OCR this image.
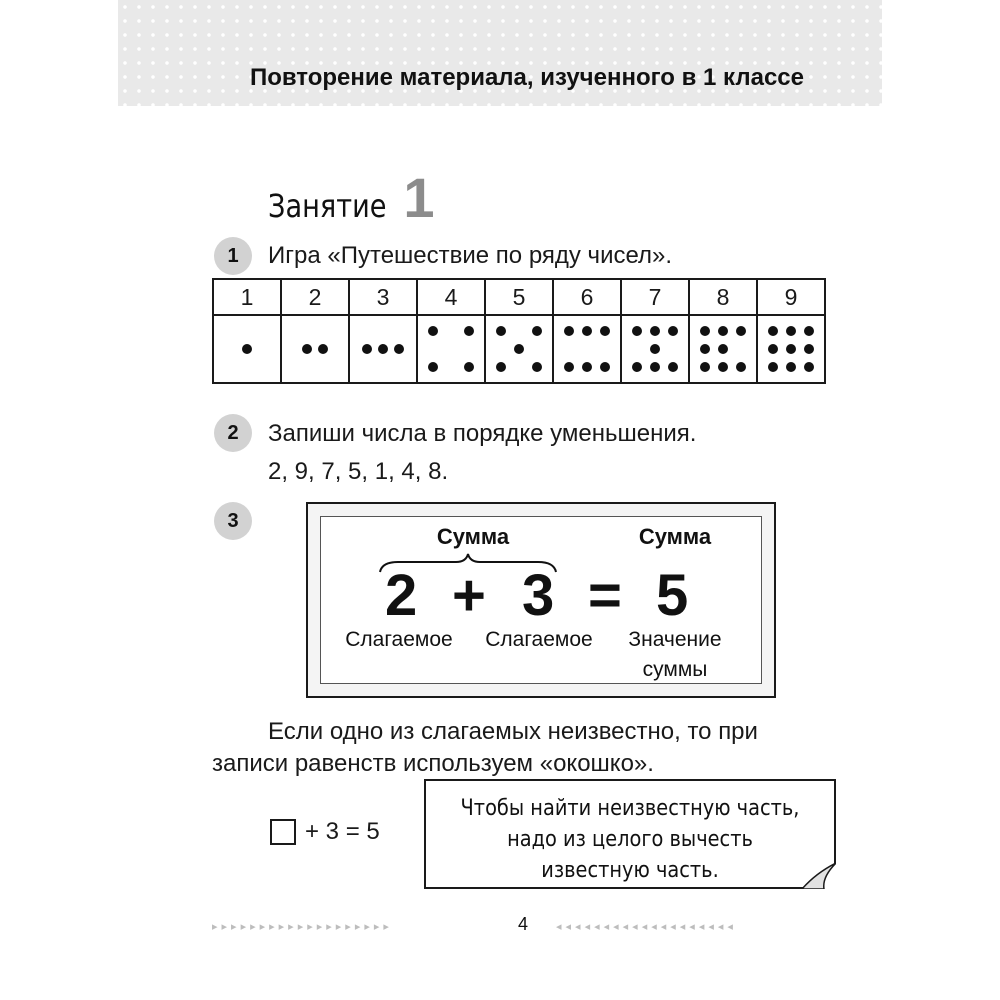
Повторение материала, изученного в 1 классе
Занятие 1
1	Игра «Путешествие по ряду чисел».
1	2	3	4	5	6	7	8	9

2	Запиши числа в порядке уменьшения.
2, 9, 7, 5, 1, 4, 8.
3
Сумма	Сумма
2 + 3 = 5
Слагаемое Слагаемое	Значение
суммы
Если одно из слагаемых неизвестно, то при
записи равенств используем «окошко».
+ 3 = 5
Чтобы найти неизвестную часть,
надо из целого вычесть
известную часть.
▸▸▸▸▸▸▸▸▸▸▸▸▸▸▸▸▸▸▸	4	◂◂◂◂◂◂◂◂◂◂◂◂◂◂◂◂◂◂◂
